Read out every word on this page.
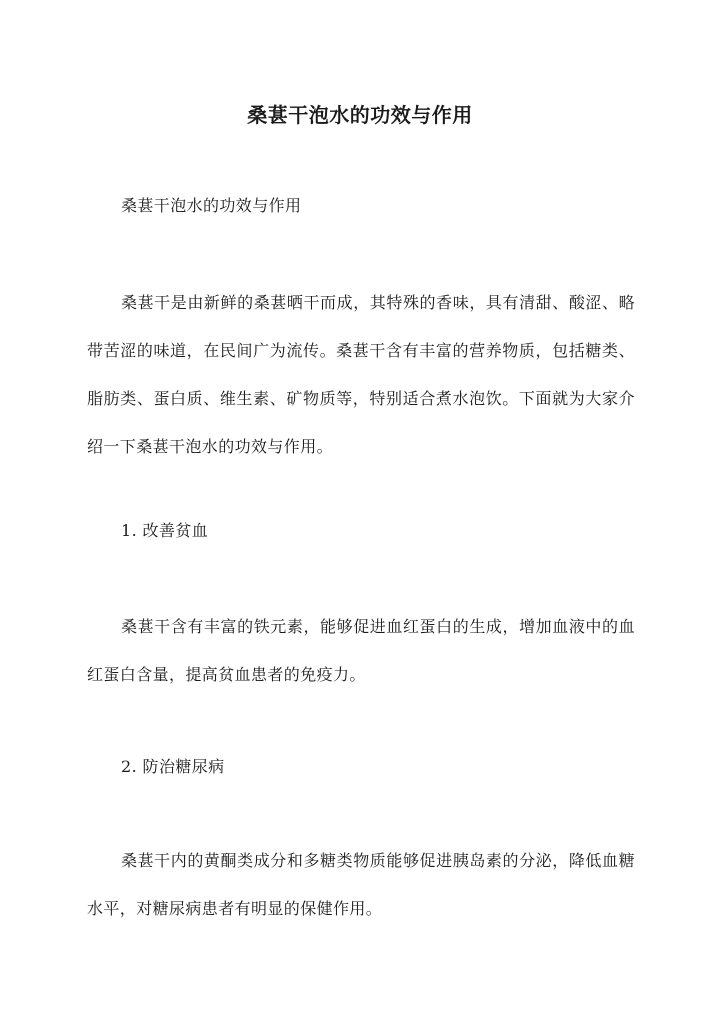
桑葚干泡水的功效与作用

桑葚干泡水的功效与作用

桑葚干是由新鲜的桑葚晒干而成，其特殊的香味，具有清甜、酸涩、略带苦涩的味道，在民间广为流传。桑葚干含有丰富的营养物质，包括糖类、脂肪类、蛋白质、维生素、矿物质等，特别适合煮水泡饮。下面就为大家介绍一下桑葚干泡水的功效与作用。

1. 改善贫血

桑葚干含有丰富的铁元素，能够促进血红蛋白的生成，增加血液中的血红蛋白含量，提高贫血患者的免疫力。

2. 防治糖尿病

桑葚干内的黄酮类成分和多糖类物质能够促进胰岛素的分泌，降低血糖水平，对糖尿病患者有明显的保健作用。
